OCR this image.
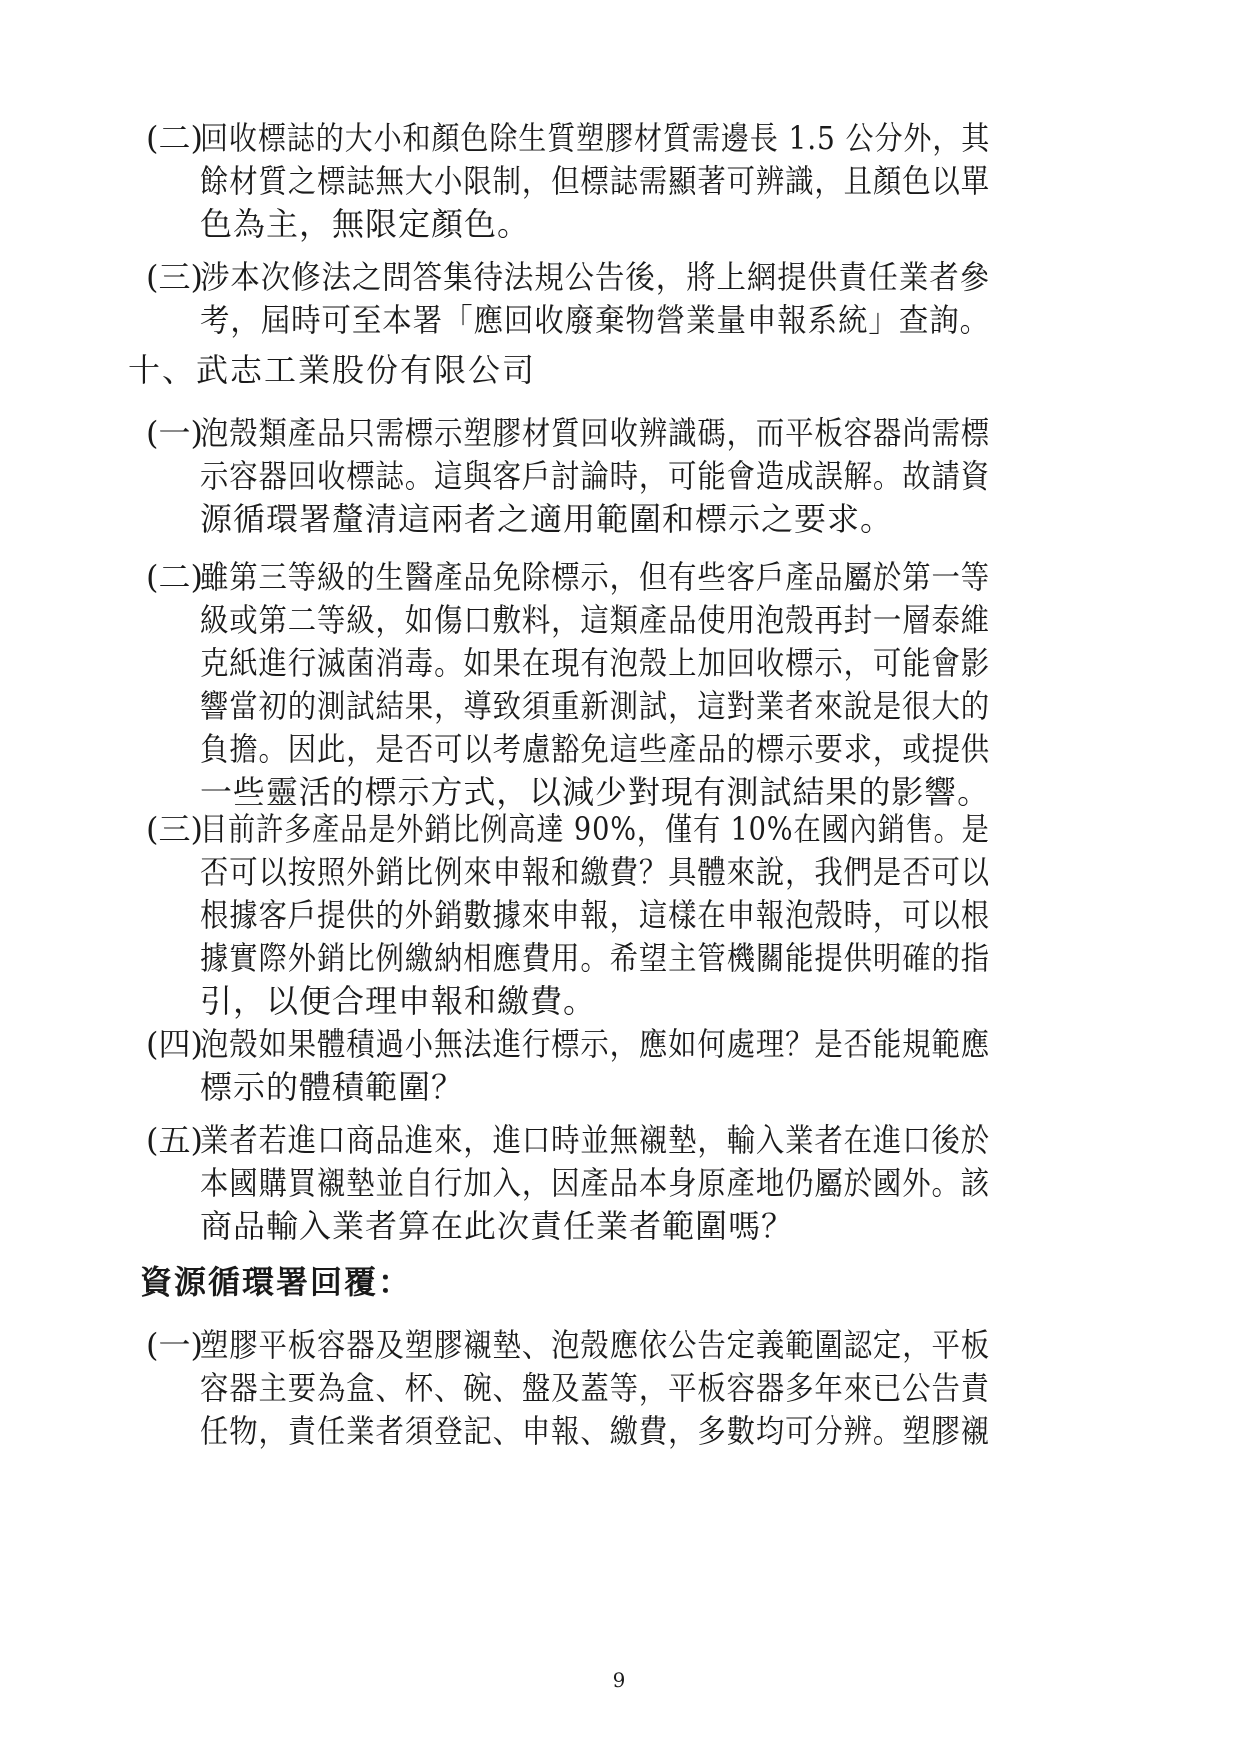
(二)
回收標誌的大小和顏色除生質塑膠材質需邊長 1.5 公分外，其
餘材質之標誌無大小限制，但標誌需顯著可辨識，且顏色以單
色為主，無限定顏色。
(三)
涉本次修法之問答集待法規公告後，將上網提供責任業者參
考，屆時可至本署「應回收廢棄物營業量申報系統」查詢。
十、武志工業股份有限公司
(一)
泡殼類產品只需標示塑膠材質回收辨識碼，而平板容器尚需標
示容器回收標誌。這與客戶討論時，可能會造成誤解。故請資
源循環署釐清這兩者之適用範圍和標示之要求。
(二)
雖第三等級的生醫產品免除標示，但有些客戶產品屬於第一等
級或第二等級，如傷口敷料，這類產品使用泡殼再封一層泰維
克紙進行滅菌消毒。如果在現有泡殼上加回收標示，可能會影
響當初的測試結果，導致須重新測試，這對業者來說是很大的
負擔。因此，是否可以考慮豁免這些產品的標示要求，或提供
一些靈活的標示方式，以減少對現有測試結果的影響。
(三)
目前許多產品是外銷比例高達 90%，僅有 10%在國內銷售。是
否可以按照外銷比例來申報和繳費？具體來說，我們是否可以
根據客戶提供的外銷數據來申報，這樣在申報泡殼時，可以根
據實際外銷比例繳納相應費用。希望主管機關能提供明確的指
引，以便合理申報和繳費。
(四)
泡殼如果體積過小無法進行標示，應如何處理？是否能規範應
標示的體積範圍？
(五)
業者若進口商品進來，進口時並無襯墊，輸入業者在進口後於
本國購買襯墊並自行加入，因產品本身原產地仍屬於國外。該
商品輸入業者算在此次責任業者範圍嗎？
資源循環署回覆：
(一)
塑膠平板容器及塑膠襯墊、泡殼應依公告定義範圍認定，平板
容器主要為盒、杯、碗、盤及蓋等，平板容器多年來已公告責
任物，責任業者須登記、申報、繳費，多數均可分辨。塑膠襯
9
